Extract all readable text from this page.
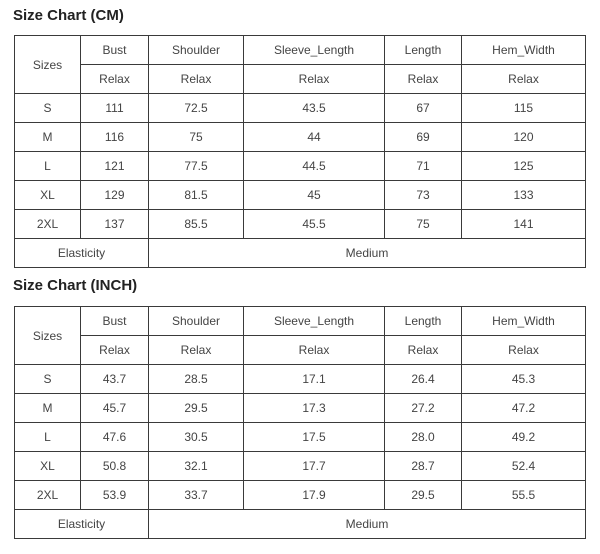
Size Chart (CM)
Sizes	Bust	Shoulder	Sleeve_Length	Length	Hem_Width
	Relax	Relax	Relax	Relax	Relax
S	111	72.5	43.5	67	115
M	116	75	44	69	120
L	121	77.5	44.5	71	125
XL	129	81.5	45	73	133
2XL	137	85.5	45.5	75	141
Elasticity		Medium			
Size Chart (INCH)
Sizes	Bust	Shoulder	Sleeve_Length	Length	Hem_Width
	Relax	Relax	Relax	Relax	Relax
S	43.7	28.5	17.1	26.4	45.3
M	45.7	29.5	17.3	27.2	47.2
L	47.6	30.5	17.5	28.0	49.2
XL	50.8	32.1	17.7	28.7	52.4
2XL	53.9	33.7	17.9	29.5	55.5
Elasticity		Medium			
